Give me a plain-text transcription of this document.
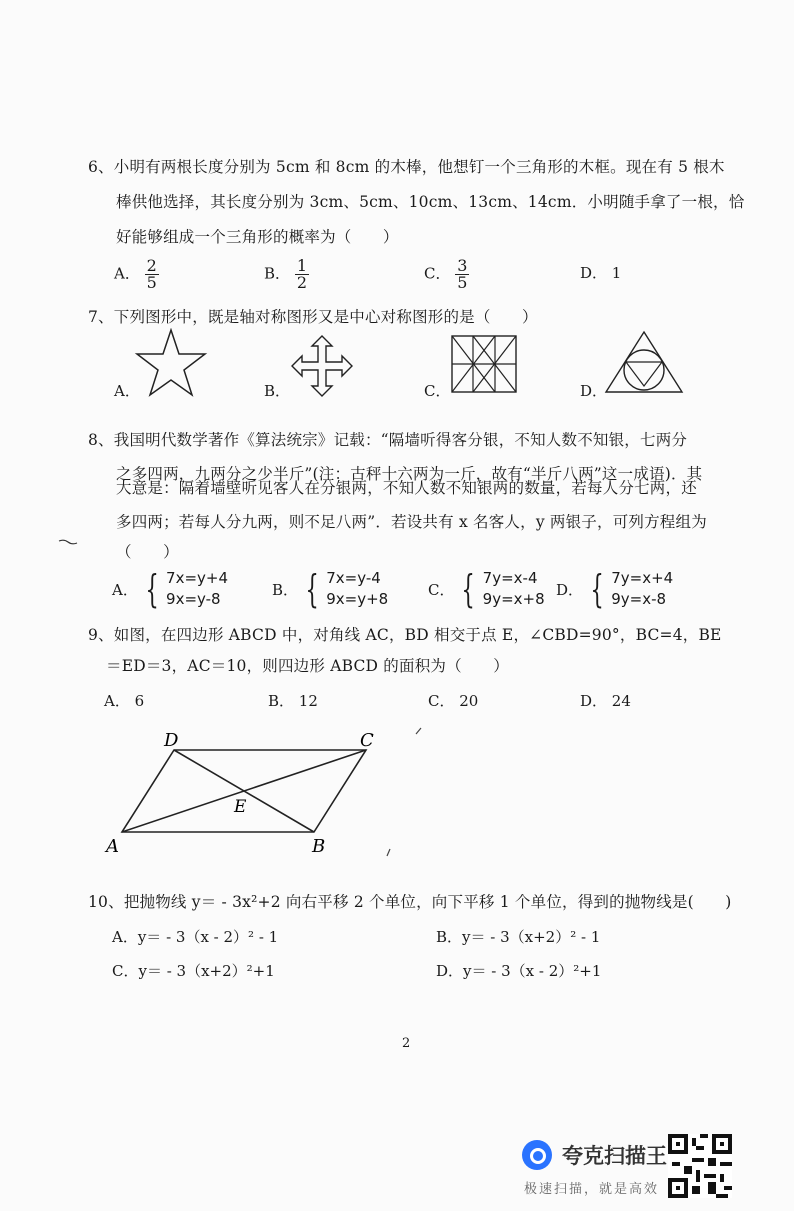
6、小明有两根长度分别为 5cm 和 8cm 的木棒，他想钉一个三角形的木框。现在有 5 根木
棒供他选择，其长度分别为 3cm、5cm、10cm、13cm、14cm．小明随手拿了一根，恰
好能够组成一个三角形的概率为（　　）
A． $\frac{2}{5}$	B． $\frac{1}{2}$	C． $\frac{3}{5}$	D． 1
7、下列图形中，既是轴对称图形又是中心对称图形的是（　　）
A．	B．	C．	D．
8、我国明代数学著作《算法统宗》记载：“隔墙听得客分银，不知人数不知银，七两分
之多四两，九两分之少半斤”(注：古秤十六两为一斤，故有“半斤八两”这一成语)．其
大意是：隔着墙壁听见客人在分银两，不知人数不知银两的数量，若每人分七两，还
多四两；若每人分九两，则不足八两”．若设共有 x 名客人，y 两银子，可列方程组为
（　　）
A． { 7x=y+4
9x=y-8
B． { 7x=y-4
9x=y+8
C． { 7y=x-4
9y=x+8
D． { 7y=x+4
9y=x-8
9、如图，在四边形 ABCD 中，对角线 AC，BD 相交于点 E，∠CBD=90°，BC=4，BE
＝ED＝3，AC＝10，则四边形 ABCD 的面积为（　　）
A． 6	B． 12	C． 20	D． 24
D	C
E
A	B
10、把抛物线 y＝ - 3x²+2 向右平移 2 个单位，向下平移 1 个单位，得到的抛物线是(　　)
A．y＝ - 3（x - 2）² - 1	B．y＝ - 3（x+2）² - 1
C．y＝ - 3（x+2）²+1	D．y＝ - 3（x - 2）²+1
2
夸克扫描王
极速扫描，就是高效
